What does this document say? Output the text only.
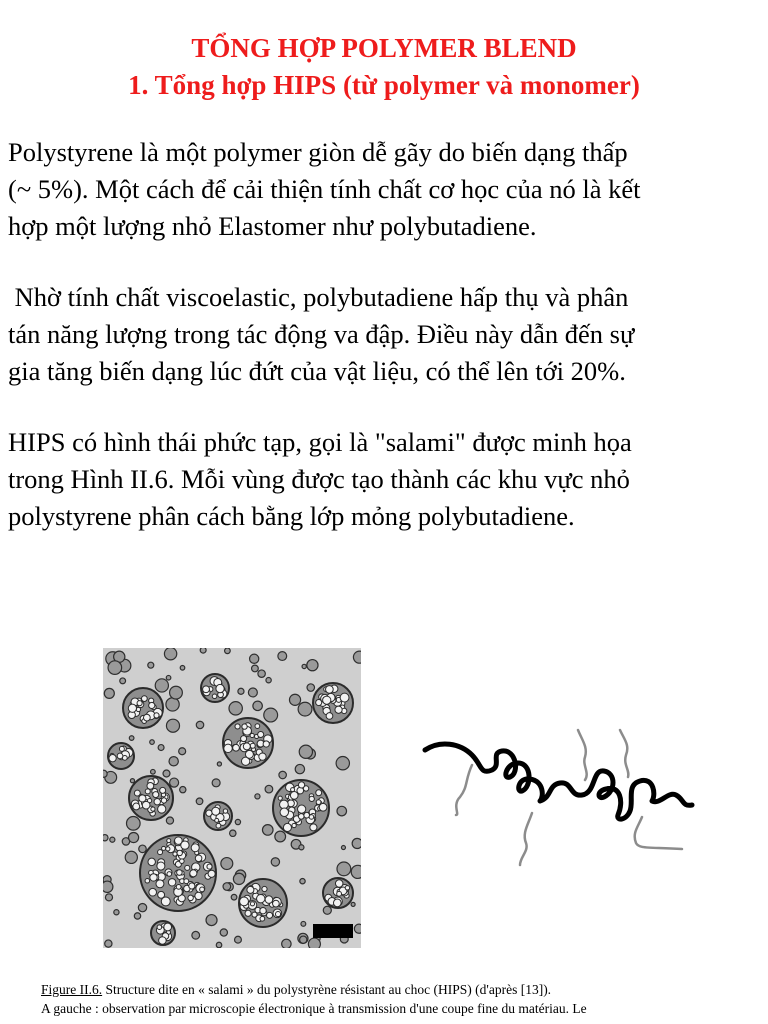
TỔNG HỢP POLYMER BLEND

1. Tổng hợp HIPS (từ polymer và monomer)

Polystyrene là một polymer giòn dễ gãy do biến dạng thấp
(~ 5%). Một cách để cải thiện tính chất cơ học của nó là kết
hợp một lượng nhỏ Elastomer như polybutadiene.
Nhờ tính chất viscoelastic, polybutadiene hấp thụ và phân
tán năng lượng trong tác động va đập. Điều này dẫn đến sự
gia tăng biến dạng lúc đứt của vật liệu, có thể lên tới 20%.
HIPS có hình thái phức tạp, gọi là "salami" được minh họa
trong Hình II.6. Mỗi vùng được tạo thành các khu vực nhỏ
polystyrene phân cách bằng lớp mỏng polybutadiene.

Figure II.6. Structure dite en « salami » du polystyrène résistant au choc (HIPS) (d'après [13]).

A gauche : observation par microscopie électronique à transmission d'une coupe fine du matériau. Le
